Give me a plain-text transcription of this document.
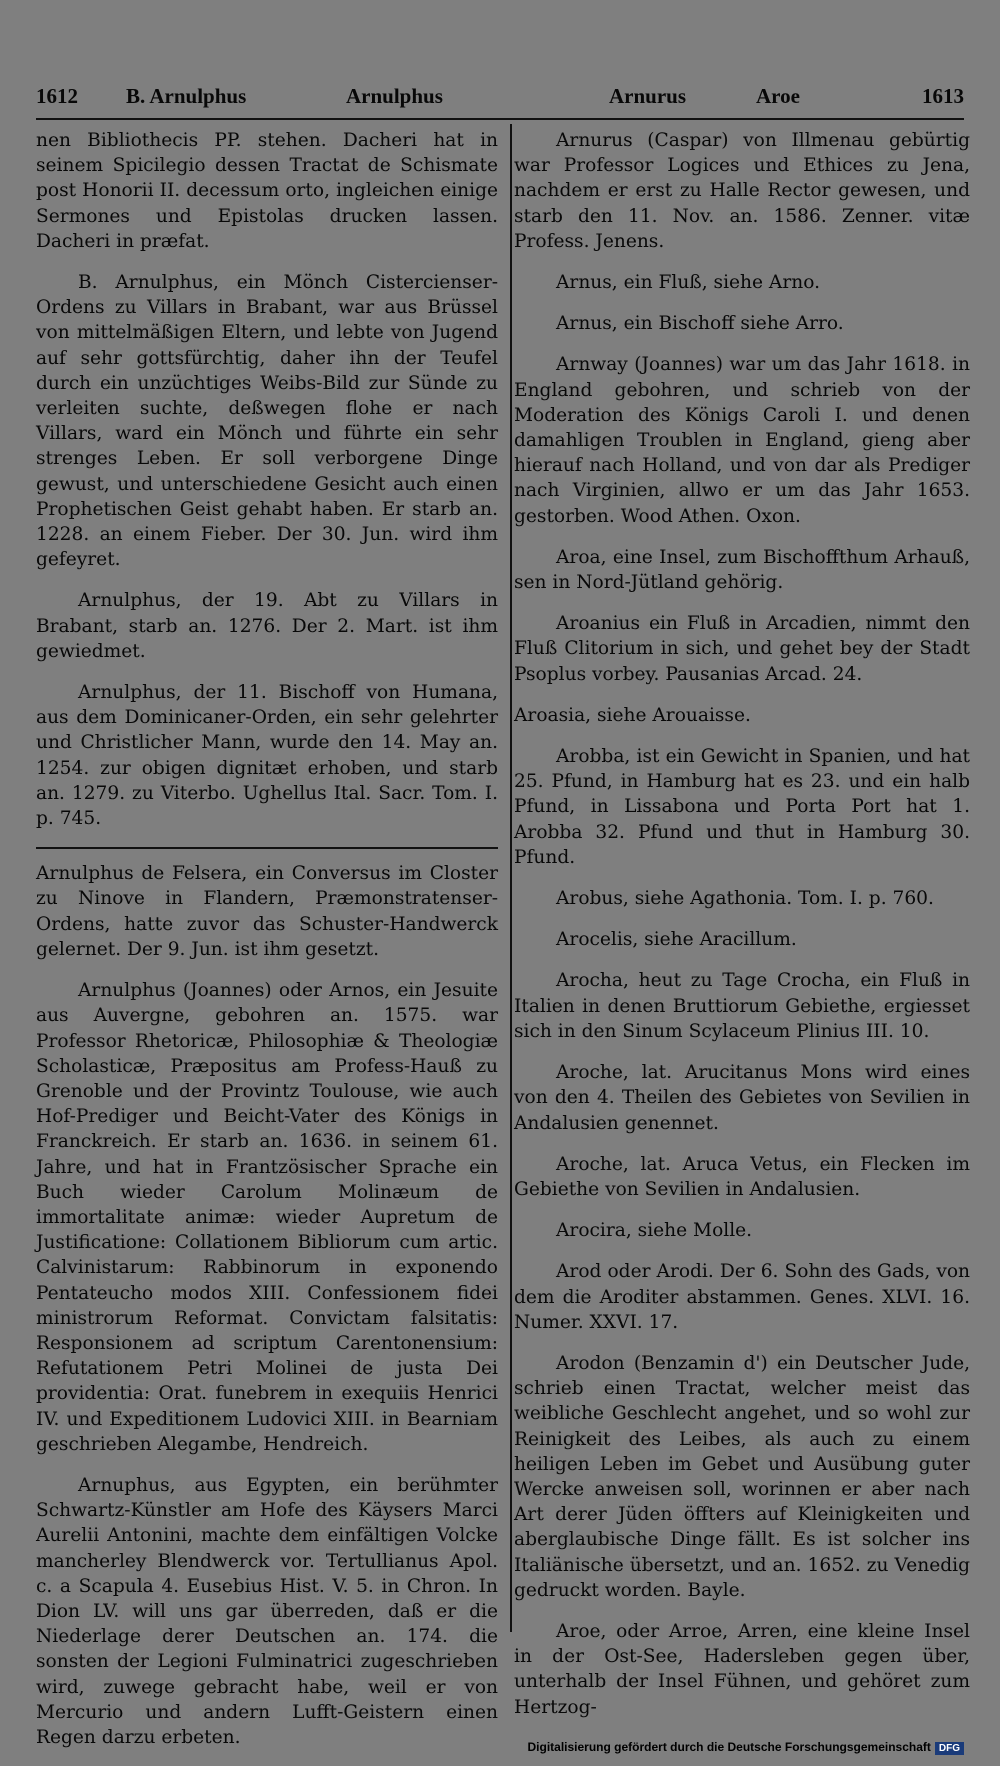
1612 B. Arnulphus	Arnulphus	Arnurus	Aroe	1613

nen Bibliothecis PP. stehen. Dacheri hat in seinem Spicilegio dessen Tractat de Schismate post Honorii II. decessum orto, ingleichen einige Sermones und Epistolas drucken lassen. Dacheri in præfat.

B. Arnulphus, ein Mönch Cistercienser-Ordens zu Villars in Brabant, war aus Brüssel von mittelmäßigen Eltern, und lebte von Jugend auf sehr gottsfürchtig, daher ihn der Teufel durch ein unzüchtiges Weibs-Bild zur Sünde zu verleiten suchte, deßwegen flohe er nach Villars, ward ein Mönch und führte ein sehr strenges Leben. Er soll verborgene Dinge gewust, und unterschiedene Gesicht auch einen Prophetischen Geist gehabt haben. Er starb an. 1228. an einem Fieber. Der 30. Jun. wird ihm gefeyret.

Arnulphus, der 19. Abt zu Villars in Brabant, starb an. 1276. Der 2. Mart. ist ihm gewiedmet.

Arnulphus, der 11. Bischoff von Humana, aus dem Dominicaner-Orden, ein sehr gelehrter und Christlicher Mann, wurde den 14. May an. 1254. zur obigen dignitæt erhoben, und starb an. 1279. zu Viterbo. Ughellus Ital. Sacr. Tom. I. p. 745.

Arnulphus de Felsera, ein Conversus im Closter zu Ninove in Flandern, Præmonstratenser-Ordens, hatte zuvor das Schuster-Handwerck gelernet. Der 9. Jun. ist ihm gesetzt.

Arnulphus (Joannes) oder Arnos, ein Jesuite aus Auvergne, gebohren an. 1575. war Professor Rhetoricæ, Philosophiæ & Theologiæ Scholasticæ, Præpositus am Profess-Hauß zu Grenoble und der Provintz Toulouse, wie auch Hof-Prediger und Beicht-Vater des Königs in Franckreich. Er starb an. 1636. in seinem 61. Jahre, und hat in Frantzösischer Sprache ein Buch wieder Carolum Molinæum de immortalitate animæ: wieder Aupretum de Justificatione: Collationem Bibliorum cum artic. Calvinistarum: Rabbinorum in exponendo Pentateucho modos XIII. Confessionem fidei ministrorum Reformat. Convictam falsitatis: Responsionem ad scriptum Carentonensium: Refutationem Petri Molinei de justa Dei providentia: Orat. funebrem in exequiis Henrici IV. und Expeditionem Ludovici XIII. in Bearniam geschrieben Alegambe, Hendreich.

Arnuphus, aus Egypten, ein berühmter Schwartz-Künstler am Hofe des Käysers Marci Aurelii Antonini, machte dem einfältigen Volcke mancherley Blendwerck vor. Tertullianus Apol. c. a Scapula 4. Eusebius Hist. V. 5. in Chron. In Dion LV. will uns gar überreden, daß er die Niederlage derer Deutschen an. 174. die sonsten der Legioni Fulminatrici zugeschrieben wird, zuwege gebracht habe, weil er von Mercurio und andern Lufft-Geistern einen Regen darzu erbeten.

Arnurus (Caspar) von Illmenau gebürtig war Professor Logices und Ethices zu Jena, nachdem er erst zu Halle Rector gewesen, und starb den 11. Nov. an. 1586. Zenner. vitæ Profess. Jenens.

Arnus, ein Fluß, siehe Arno.

Arnus, ein Bischoff siehe Arro.

Arnway (Joannes) war um das Jahr 1618. in England gebohren, und schrieb von der Moderation des Königs Caroli I. und denen damahligen Troublen in England, gieng aber hierauf nach Holland, und von dar als Prediger nach Virginien, allwo er um das Jahr 1653. gestorben. Wood Athen. Oxon.

Aroa, eine Insel, zum Bischoffthum Arhauß, sen in Nord-Jütland gehörig.

Aroanius ein Fluß in Arcadien, nimmt den Fluß Clitorium in sich, und gehet bey der Stadt Psoplus vorbey. Pausanias Arcad. 24.

Aroasia, siehe Arouaisse.

Arobba, ist ein Gewicht in Spanien, und hat 25. Pfund, in Hamburg hat es 23. und ein halb Pfund, in Lissabona und Porta Port hat 1. Arobba 32. Pfund und thut in Hamburg 30. Pfund.

Arobus, siehe Agathonia. Tom. I. p. 760.

Arocelis, siehe Aracillum.

Arocha, heut zu Tage Crocha, ein Fluß in Italien in denen Bruttiorum Gebiethe, ergiesset sich in den Sinum Scylaceum Plinius III. 10.

Aroche, lat. Arucitanus Mons wird eines von den 4. Theilen des Gebietes von Sevilien in Andalusien genennet.

Aroche, lat. Aruca Vetus, ein Flecken im Gebiethe von Sevilien in Andalusien.

Arocira, siehe Molle.

Arod oder Arodi. Der 6. Sohn des Gads, von dem die Aroditer abstammen. Genes. XLVI. 16. Numer. XXVI. 17.

Arodon (Benzamin d') ein Deutscher Jude, schrieb einen Tractat, welcher meist das weibliche Geschlecht angehet, und so wohl zur Reinigkeit des Leibes, als auch zu einem heiligen Leben im Gebet und Ausübung guter Wercke anweisen soll, worinnen er aber nach Art derer Jüden öffters auf Kleinigkeiten und aberglaubische Dinge fällt. Es ist solcher ins Italiänische übersetzt, und an. 1652. zu Venedig gedruckt worden. Bayle.

Aroe, oder Arroe, Arren, eine kleine Insel in der Ost-See, Hadersleben gegen über, unterhalb der Insel Fühnen, und gehöret zum Hertzog-

Digitalisierung gefördert durch die Deutsche Forschungsgemeinschaft DFG
